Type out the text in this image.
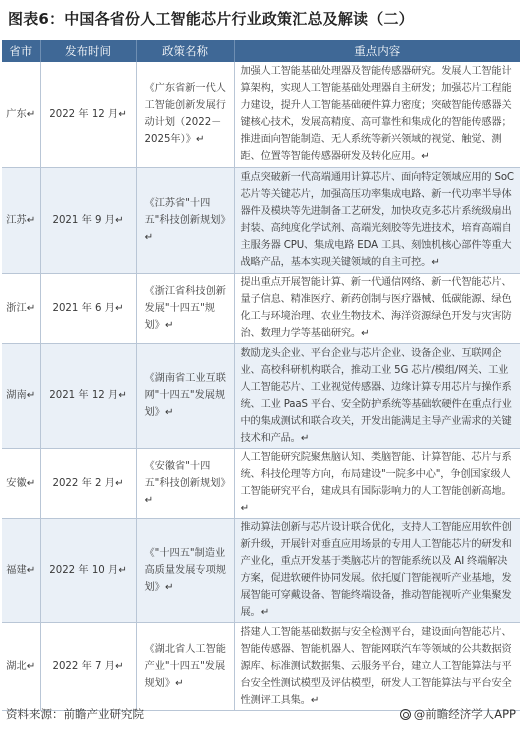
图表6：中国各省份人工智能芯片行业政策汇总及解读（二）
省市	发布时间	政策名称	重点内容
广东↵	2022 年 12 月↵	《广东省新一代人工智能创新发展行动计划（2022－2025年）》↵	加强人工智能基础处理器及智能传感器研究。发展人工智能计算架构，实现人工智能基础处理器自主研发；加强芯片工程能力建设，提升人工智能基础硬件算力密度；突破智能传感器关键核心技术，发展高精度、高可靠性和集成化的智能传感器；推进面向智能制造、无人系统等新兴领域的视觉、触觉、测距、位置等智能传感器研发及转化应用。↵
江苏↵	2021 年 9 月↵	《江苏省"十四五"科技创新规划》↵	重点突破新一代高端通用计算芯片、面向特定领域应用的 SoC 芯片等关键芯片，加强高压功率集成电路、新一代功率半导体器件及模块等先进制备工艺研发，加快攻克多芯片系统级扇出封装、高纯度化学试剂、高端光刻胶等先进技术，培育高端自主服务器 CPU、集成电路 EDA 工具、刻蚀机核心部件等重大战略产品，基本实现关键领域的自主可控。↵
浙江↵	2021 年 6 月↵	《浙江省科技创新发展"十四五"规划》↵	提出重点开展智能计算、新一代通信网络、新一代智能芯片、量子信息、精准医疗、新药创制与医疗器械、低碳能源、绿色化工与环境治理、农业生物技术、海洋资源绿色开发与灾害防治、数理力学等基础研究。↵
湖南↵	2021 年 12 月↵	《湖南省工业互联网"十四五"发展规划》↵	数励龙头企业、平台企业与芯片企业、设备企业、互联网企业、高校科研机构联合，推动工业 5G 芯片/模组/网关、工业人工智能芯片、工业视觉传感器、边缘计算专用芯片与操作系统、工业 PaaS 平台、安全防护系统等基础软硬件在重点行业中的集成测试和联合攻关，开发出能满足主导产业需求的关键技术和产品。↵
安徽↵	2022 年 2 月↵	《安徽省"十四五"科技创新规划》↵	人工智能研究院聚焦脑认知、类脑智能、计算智能、芯片与系统、科技伦理等方向，布局建设"一院多中心"，争创国家级人工智能研究平台，建成具有国际影响力的人工智能创新高地。↵
福建↵	2022 年 10 月↵	《"十四五"制造业高质量发展专项规划》↵	推动算法创新与芯片设计联合优化，支持人工智能应用软件创新升级，开展针对垂直应用场景的专用人工智能芯片的研发和产业化，重点开发基于类脑芯片的智能系统以及 AI 终端解决方案，促进软硬件协同发展。依托厦门智能视听产业基地，发展智能可穿戴设备、智能终端设备，推动智能视听产业集聚发展。↵
湖北↵	2022 年 7 月↵	《湖北省人工智能产业"十四五"发展规划》↵	搭建人工智能基础数据与安全检测平台，建设面向智能芯片、智能传感器、智能机器人、智能网联汽车等领域的公共数据资源库、标准测试数据集、云服务平台，建立人工智能算法与平台安全性测试模型及评估模型，研发人工智能算法与平台安全性测评工具集。↵
资料来源：前瞻产业研究院	@前瞻经济学人APP
